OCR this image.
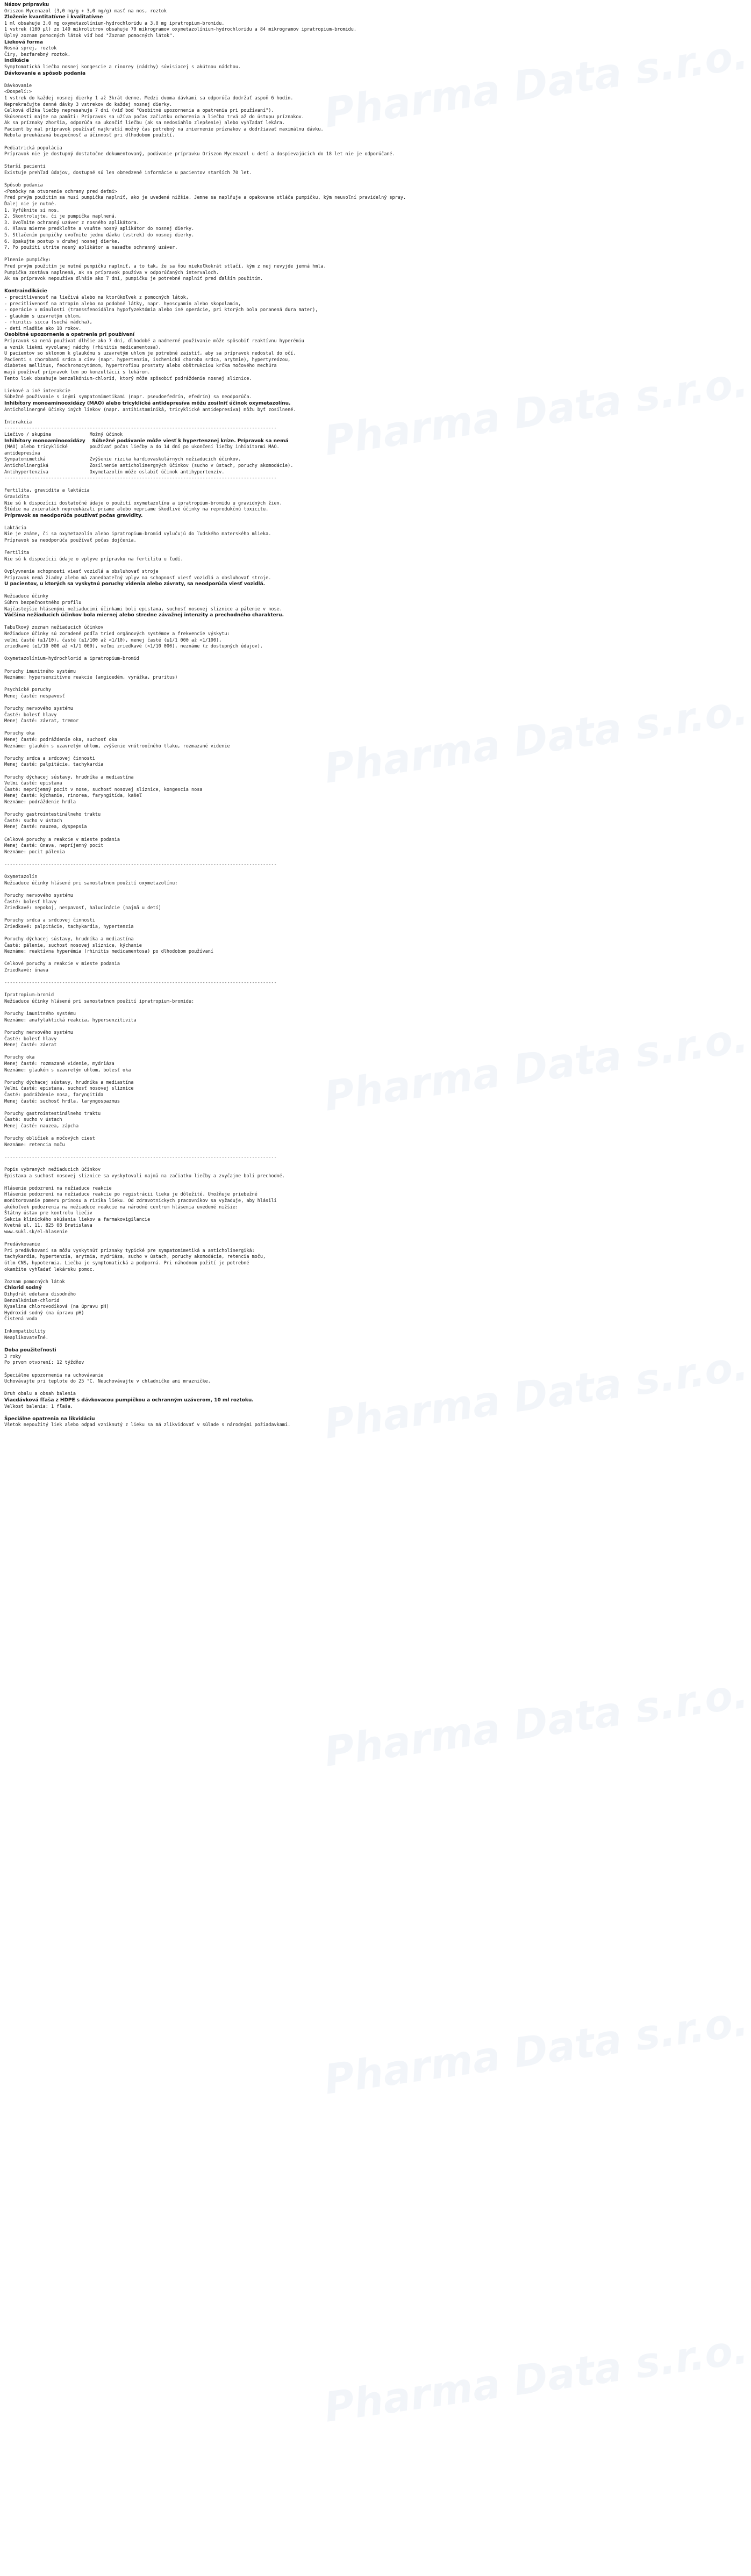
Názov prípravku
Oriszon Mycenazol (3,0 mg/g + 3,0 mg/g) masť na nos, roztok
Zloženie kvantitatívne i kvalitatívne
1 ml obsahuje 3,0 mg oxymetazolínium-hydrochloridu a 3,0 mg ipratropium-bromidu.
1 vstrek (100 μl) zo 140 mikrolitrov obsahuje 70 mikrogramov oxymetazolínium-hydrochloridu a 84 mikrogramov ipratropium-bromidu.
Úplný zoznam pomocných látok viď bod "Zoznam pomocných látok".
Lieková forma
Nosná sprej, roztok
Číry, bezfarebný roztok.
Indikácie
Symptomatická liečba nosnej kongescie a rinorey (nádchy) súvisiacej s akútnou nádchou.
Dávkovanie a spôsob podania
Dávkovanie
<Dospelí:>
1 vstrek do každej nosnej dierky 1 až 3krát denne. Medzi dvoma dávkami sa odporúča dodržať aspoň 6 hodín.
Neprekračujte denné dávky 3 vstrekov do každej nosnej dierky.
Celková dĺžka liečby nepresahuje 7 dní (viď bod "Osobitné upozornenia a opatrenia pri používaní").
Skúsenosti majte na pamäti: Prípravok sa užíva počas začiatku ochorenia a liečba trvá až do ústupu príznakov.
Ak sa príznaky zhoršia, odporúča sa ukončiť liečbu (ak sa nedosiahlo zlepšenie) alebo vyhľadať lekára.
Pacient by mal prípravok používať najkratší možný čas potrebný na zmiernenie príznakov a dodržiavať maximálnu dávku.
Nebola preukázaná bezpečnosť a účinnosť pri dlhodobom použití.
Pediatrická populácia
Prípravok nie je dostupný dostatočne dokumentovaný, podávanie prípravku Oriszon Mycenazol u detí a dospievajúcich do 18 let nie je odporúčané.
Starší pacienti
Existuje prehľad údajov, dostupné sú len obmedzené informácie u pacientov starších 70 let.
Spôsob podania
<Pomôcky na otvorenie ochrany pred deťmi>
Pred prvým použitím sa musí pumpička naplniť, ako je uvedené nižšie. Jemne sa naplňuje a opakovane stláča pumpičku, kým neuvoľní pravidelný spray.
Ďalej nie je nutné.
1. Vyfúknite si nos.
2. Skontrolujte, či je pumpička naplnená.
3. Uvoľnite ochranný uzáver z nosného aplikátora.
4. Hlavu mierne predkloňte a vsuňte nosný aplikátor do nosnej dierky.
5. Stlačením pumpičky uvoľnite jednu dávku (vstrek) do nosnej dierky.
6. Opakujte postup v druhej nosnej dierke.
7. Po použití utrite nosný aplikátor a nasaďte ochranný uzáver.
Plnenie pumpičky:
Pred prvým použitím je nutné pumpičku naplniť, a to tak, že sa ňou niekoľkokrát stlačí, kým z nej nevyjde jemná hmla.
Pumpička zostáva naplnená, ak sa prípravok používa v odporúčaných intervaloch.
Ak sa prípravok nepoužíva dlhšie ako 7 dní, pumpičku je potrebné naplniť pred ďalším použitím.
Kontraindikácie
- precitlivenosť na liečivá alebo na ktorúkoľvek z pomocných látok,
- precitlivenosť na atropín alebo na podobné látky, napr. hyoscyamín alebo skopolamín,
- operácie v minulosti (transsfenoidálna hypofyzektómia alebo iné operácie, pri ktorých bola poranená dura mater),
- glaukóm s uzavretým uhlom,
- rhinitis sicca (suchá nádcha),
- deti mladšie ako 18 rokov.
Osobitné upozornenia a opatrenia pri používaní
Prípravok sa nemá používať dlhšie ako 7 dní, dlhodobé a nadmerné používanie môže spôsobiť reaktívnu hyperémiu
a vznik liekmi vyvolanej nádchy (rhinitis medicamentosa).
U pacientov so sklonom k glaukómu s uzavretým uhlom je potrebné zaistiť, aby sa prípravok nedostal do očí.
Pacienti s chorobami srdca a ciev (napr. hypertenzia, ischemická choroba srdca, arytmie), hypertyreózou,
diabetes mellitus, feochromocytómom, hypertrofiou prostaty alebo obštrukciou krčka močového mechúra
majú používať prípravok len po konzultácii s lekárom.
Tento liek obsahuje benzalkónium-chlorid, ktorý môže spôsobiť podráždenie nosnej sliznice.
Liekové a iné interakcie
Súbežné používanie s inými sympatomimetikami (napr. pseudoefedrín, efedrín) sa neodporúča.
Inhibítory monoaminooxidázy (MAO) alebo tricyklické antidepresíva môžu zosilniť účinok oxymetazolínu.
Anticholinergné účinky iných liekov (napr. antihistaminiká, tricyklické antidepresíva) môžu byť zosilnené.
Interakcia
---------------------------------------------------------------------------------------------------
Liečivo / skupina              Možný účinok
Inhibítory monoaminooxidázy    Súbežné podávanie môže viesť k hypertenznej kríze. Prípravok sa nemá
(MAO) alebo tricyklické        používať počas liečby a do 14 dní po ukončení liečby inhibítormi MAO.
antidepresíva
Sympatomimetiká                Zvýšenie rizika kardiovaskulárnych nežiaducich účinkov.
Anticholinergiká               Zosilnenie anticholinergných účinkov (sucho v ústach, poruchy akomodácie).
Antihypertenzíva               Oxymetazolín môže oslabiť účinok antihypertenzív.
---------------------------------------------------------------------------------------------------
Fertilita, gravidita a laktácia
Gravidita
Nie sú k dispozícii dostatočné údaje o použití oxymetazolínu a ipratropium-bromidu u gravidných žien.
Štúdie na zvieratách nepreukázali priame alebo nepriame škodlivé účinky na reprodukčnú toxicitu.
Prípravok sa neodporúča používať počas gravidity.
Laktácia
Nie je známe, či sa oxymetazolín alebo ipratropium-bromid vylučujú do ľudského materského mlieka.
Prípravok sa neodporúča používať počas dojčenia.
Fertilita
Nie sú k dispozícii údaje o vplyve prípravku na fertilitu u ľudí.
Ovplyvnenie schopnosti viesť vozidlá a obsluhovať stroje
Prípravok nemá žiadny alebo má zanedbateľný vplyv na schopnosť viesť vozidlá a obsluhovať stroje.
U pacientov, u ktorých sa vyskytnú poruchy videnia alebo závraty, sa neodporúča viesť vozidlá.
Nežiaduce účinky
Súhrn bezpečnostného profilu
Najčastejšie hlásenými nežiaducimi účinkami boli epistaxa, suchosť nosovej sliznice a pálenie v nose.
Väčšina nežiaducich účinkov bola miernej alebo stredne závažnej intenzity a prechodného charakteru.
Tabuľkový zoznam nežiaducich účinkov
Nežiaduce účinky sú zoradené podľa tried orgánových systémov a frekvencie výskytu:
veľmi časté (≥1/10), časté (≥1/100 až <1/10), menej časté (≥1/1 000 až <1/100),
zriedkavé (≥1/10 000 až <1/1 000), veľmi zriedkavé (<1/10 000), neznáme (z dostupných údajov).
Oxymetazolínium-hydrochlorid a ipratropium-bromid
Poruchy imunitného systému
Neznáme: hypersenzitívne reakcie (angioedém, vyrážka, pruritus)
Psychické poruchy
Menej časté: nespavosť
Poruchy nervového systému
Časté: bolesť hlavy
Menej časté: závrat, tremor
Poruchy oka
Menej časté: podráždenie oka, suchosť oka
Neznáme: glaukóm s uzavretým uhlom, zvýšenie vnútroočného tlaku, rozmazané videnie
Poruchy srdca a srdcovej činnosti
Menej časté: palpitácie, tachykardia
Poruchy dýchacej sústavy, hrudníka a mediastína
Veľmi časté: epistaxa
Časté: nepríjemný pocit v nose, suchosť nosovej sliznice, kongescia nosa
Menej časté: kýchanie, rinorea, faryngitída, kašeľ
Neznáme: podráždenie hrdla
Poruchy gastrointestinálneho traktu
Časté: sucho v ústach
Menej časté: nauzea, dyspepsia
Celkové poruchy a reakcie v mieste podania
Menej časté: únava, nepríjemný pocit
Neznáme: pocit pálenia
---------------------------------------------------------------------------------------------------
Oxymetazolín
Nežiaduce účinky hlásené pri samostatnom použití oxymetazolínu:
Poruchy nervového systému
Časté: bolesť hlavy
Zriedkavé: nepokoj, nespavosť, halucinácie (najmä u detí)
Poruchy srdca a srdcovej činnosti
Zriedkavé: palpitácie, tachykardia, hypertenzia
Poruchy dýchacej sústavy, hrudníka a mediastína
Časté: pálenie, suchosť nosovej sliznice, kýchanie
Neznáme: reaktívna hyperémia (rhinitis medicamentosa) po dlhodobom používaní
Celkové poruchy a reakcie v mieste podania
Zriedkavé: únava
---------------------------------------------------------------------------------------------------
Ipratropium-bromid
Nežiaduce účinky hlásené pri samostatnom použití ipratropium-bromidu:
Poruchy imunitného systému
Neznáme: anafylaktická reakcia, hypersenzitivita
Poruchy nervového systému
Časté: bolesť hlavy
Menej časté: závrat
Poruchy oka
Menej časté: rozmazané videnie, mydriáza
Neznáme: glaukóm s uzavretým uhlom, bolesť oka
Poruchy dýchacej sústavy, hrudníka a mediastína
Veľmi časté: epistaxa, suchosť nosovej sliznice
Časté: podráždenie nosa, faryngitída
Menej časté: suchosť hrdla, laryngospazmus
Poruchy gastrointestinálneho traktu
Časté: sucho v ústach
Menej časté: nauzea, zápcha
Poruchy obličiek a močových ciest
Neznáme: retencia moču
---------------------------------------------------------------------------------------------------
Popis vybraných nežiaducich účinkov
Epistaxa a suchosť nosovej sliznice sa vyskytovali najmä na začiatku liečby a zvyčajne boli prechodné.
Hlásenie podozrení na nežiaduce reakcie
Hlásenie podozrení na nežiaduce reakcie po registrácii lieku je dôležité. Umožňuje priebežné
monitorovanie pomeru prínosu a rizika lieku. Od zdravotníckych pracovníkov sa vyžaduje, aby hlásili
akékoľvek podozrenia na nežiaduce reakcie na národné centrum hlásenia uvedené nižšie:
Štátny ústav pre kontrolu liečiv
Sekcia klinického skúšania liekov a farmakovigilancie
Kvetná ul. 11, 825 08 Bratislava
www.sukl.sk/el-hlasenie
Predávkovanie
Pri predávkovaní sa môžu vyskytnúť príznaky typické pre sympatomimetiká a anticholinergiká:
tachykardia, hypertenzia, arytmia, mydriáza, sucho v ústach, poruchy akomodácie, retencia moču,
útlm CNS, hypotermia. Liečba je symptomatická a podporná. Pri náhodnom požití je potrebné
okamžite vyhľadať lekársku pomoc.
Zoznam pomocných látok
Chlorid sodný
Dihydrát edetanu disodného
Benzalkónium-chlorid
Kyselina chlorovodíková (na úpravu pH)
Hydroxid sodný (na úpravu pH)
Čistená voda
Inkompatibility
Neaplikovateľné.
Doba použiteľnosti
3 roky
Po prvom otvorení: 12 týždňov
Špeciálne upozornenia na uchovávanie
Uchovávajte pri teplote do 25 °C. Neuchovávajte v chladničke ani mrazničke.
Druh obalu a obsah balenia
Viacdávková fľaša z HDPE s dávkovacou pumpičkou a ochranným uzáverom, 10 ml roztoku.
Veľkosť balenia: 1 fľaša.
Špeciálne opatrenia na likvidáciu
Všetok nepoužitý liek alebo odpad vzniknutý z lieku sa má zlikvidovať v súlade s národnými požiadavkami.
Pharma Data s.r.o.
Pharma Data s.r.o.
Pharma Data s.r.o.
Pharma Data s.r.o.
Pharma Data s.r.o.
Pharma Data s.r.o.
Pharma Data s.r.o.
Pharma Data s.r.o.
